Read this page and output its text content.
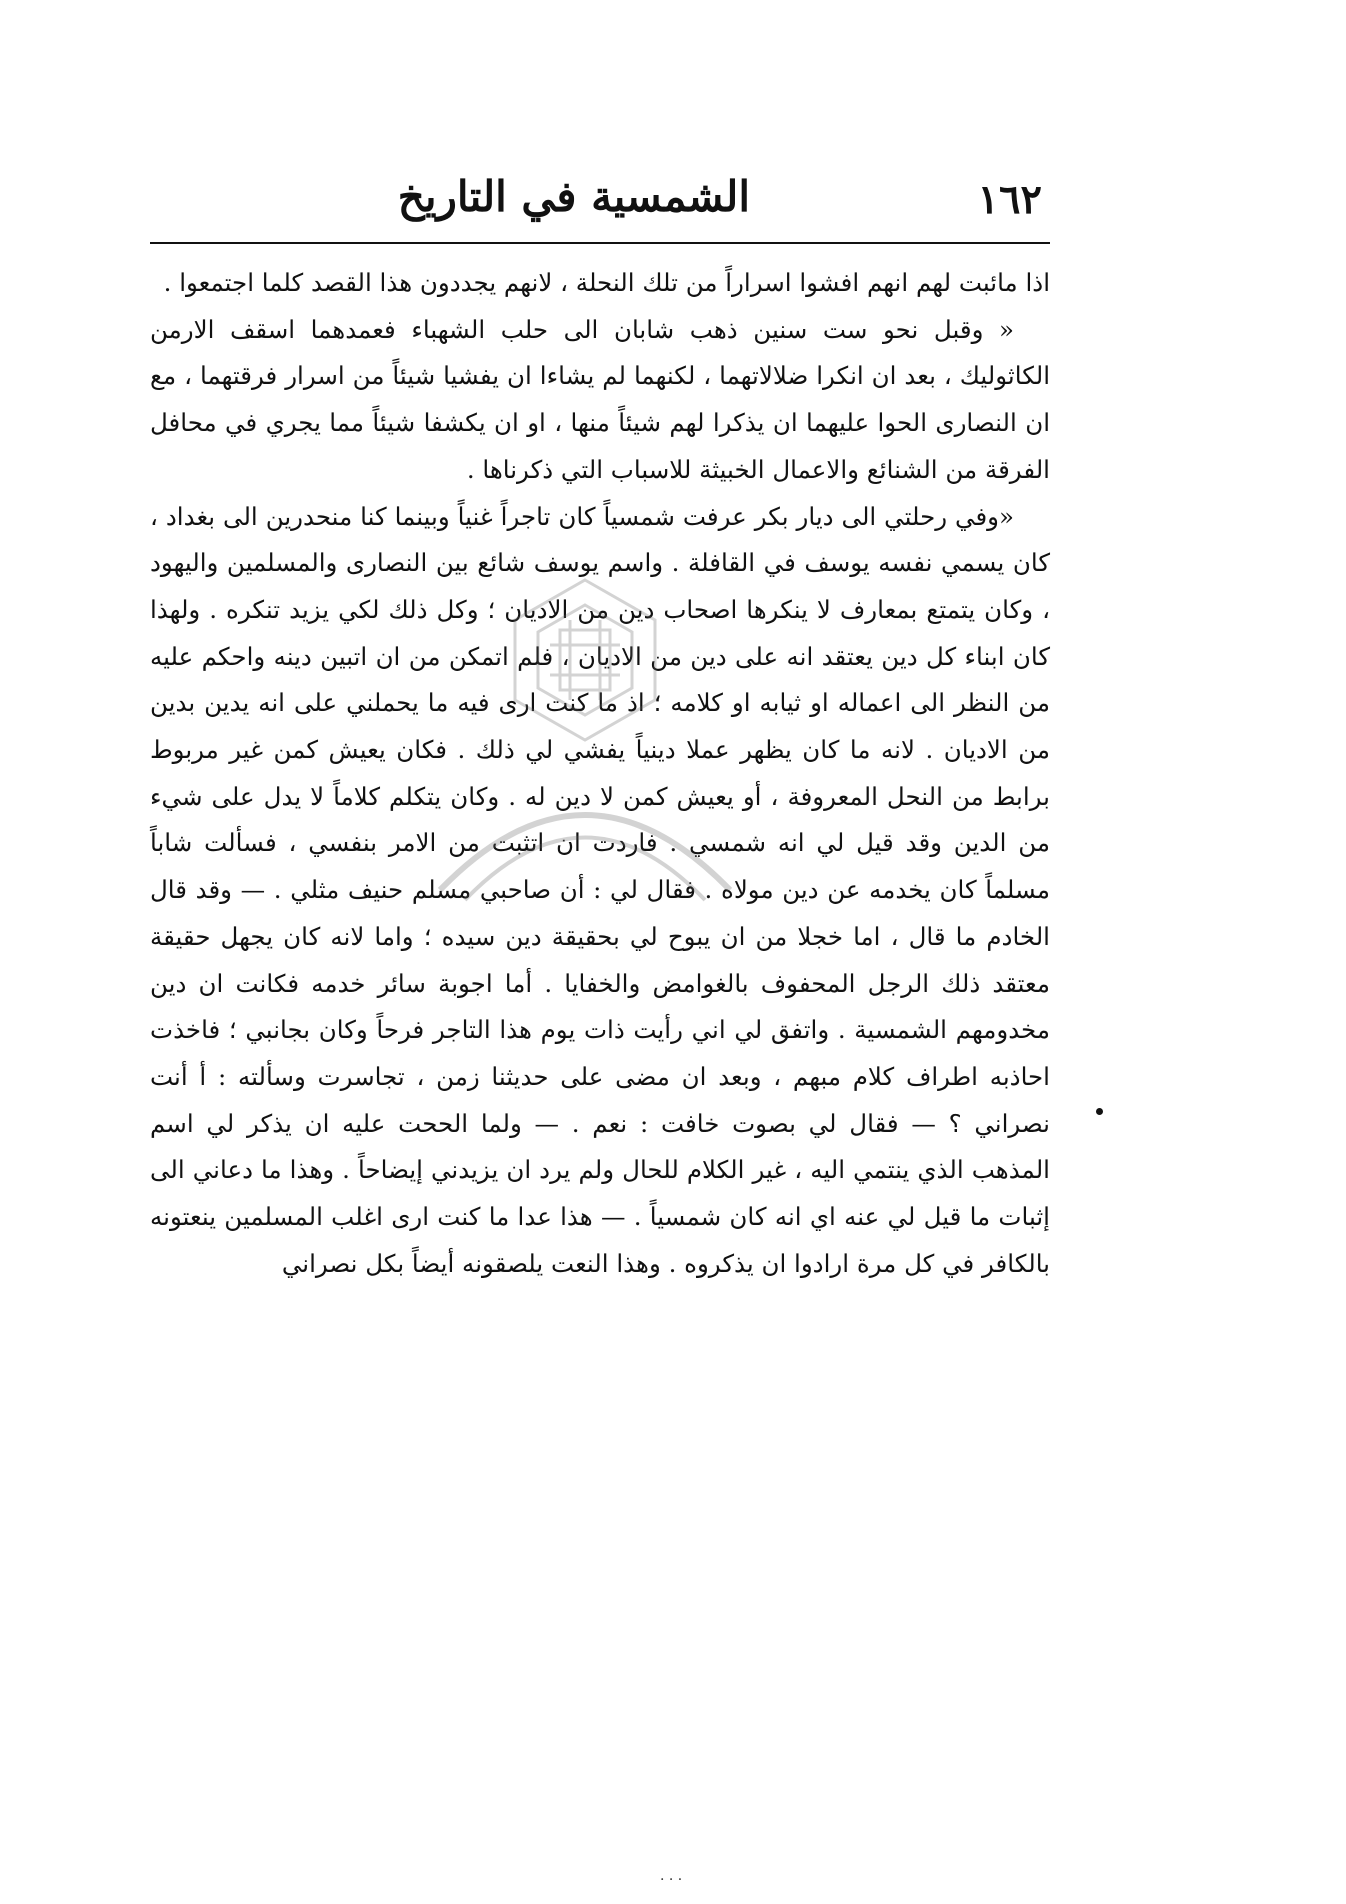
١٦٢
الشمسية في التاريخ

اذا مائبت لهم انهم افشوا اسراراً من تلك النحلة ، لانهم يجددون هذا القصد كلما اجتمعوا .

« وقبل نحو ست سنين ذهب شابان الى حلب الشهباء فعمدهما اسقف الارمن الكاثوليك ، بعد ان انكرا ضلالاتهما ، لكنهما لم يشاءا ان يفشيا شيئاً من اسرار فرقتهما ، مع ان النصارى الحوا عليهما ان يذكرا لهم شيئاً منها ، او ان يكشفا شيئاً مما يجري في محافل الفرقة من الشنائع والاعمال الخبيثة للاسباب التي ذكرناها .

«وفي رحلتي الى ديار بكر عرفت شمسياً كان تاجراً غنياً وبينما كنا منحدرين الى بغداد ، كان يسمي نفسه يوسف في القافلة . واسم يوسف شائع بين النصارى والمسلمين واليهود ، وكان يتمتع بمعارف لا ينكرها اصحاب دين من الاديان ؛ وكل ذلك لكي يزيد تنكره . ولهذا كان ابناء كل دين يعتقد انه على دين من الاديان ، فلم اتمكن من ان اتبين دينه واحكم عليه من النظر الى اعماله او ثيابه او كلامه ؛ اذ ما كنت ارى فيه ما يحملني على انه يدين بدين من الاديان . لانه ما كان يظهر عملا دينياً يفشي لي ذلك . فكان يعيش كمن غير مربوط برابط من النحل المعروفة ، أو يعيش كمن لا دين له . وكان يتكلم كلاماً لا يدل على شيء من الدين وقد قيل لي انه شمسي . فاردت ان اتثبت من الامر بنفسي ، فسألت شاباً مسلماً كان يخدمه عن دين مولاه . فقال لي : أن صاحبي مسلم حنيف مثلي . — وقد قال الخادم ما قال ، اما خجلا من ان يبوح لي بحقيقة دين سيده ؛ واما لانه كان يجهل حقيقة معتقد ذلك الرجل المحفوف بالغوامض والخفايا . أما اجوبة سائر خدمه فكانت ان دين مخدومهم الشمسية . واتفق لي اني رأيت ذات يوم هذا التاجر فرحاً وكان بجانبي ؛ فاخذت احاذبه اطراف كلام مبهم ، وبعد ان مضى على حديثنا زمن ، تجاسرت وسألته : أ أنت نصراني ؟ — فقال لي بصوت خافت : نعم . — ولما الححت عليه ان يذكر لي اسم المذهب الذي ينتمي اليه ، غير الكلام للحال ولم يرد ان يزيدني إيضاحاً . وهذا ما دعاني الى إثبات ما قيل لي عنه اي انه كان شمسياً . — هذا عدا ما كنت ارى اغلب المسلمين ينعتونه بالكافر في كل مرة ارادوا ان يذكروه . وهذا النعت يلصقونه أيضاً بكل نصراني

· · ·
